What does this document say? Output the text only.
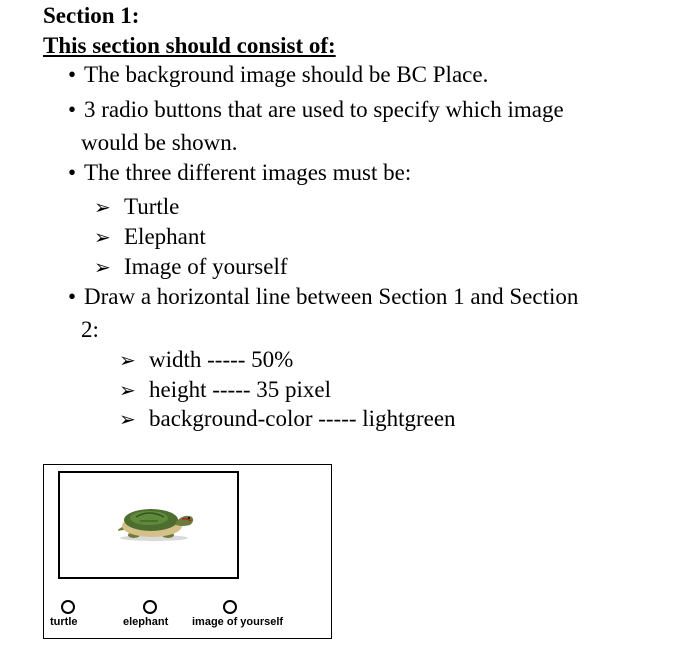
Section 1:
This section should consist of:
• The background image should be BC Place.
• 3 radio buttons that are used to specify which image
would be shown.
• The three different images must be:
➢ Turtle
➢ Elephant
➢ Image of yourself
• Draw a horizontal line between Section 1 and Section
2:
➢ width ----- 50%
➢ height ----- 35 pixel
➢ background-color ----- lightgreen
turtle	elephant image of yourself
